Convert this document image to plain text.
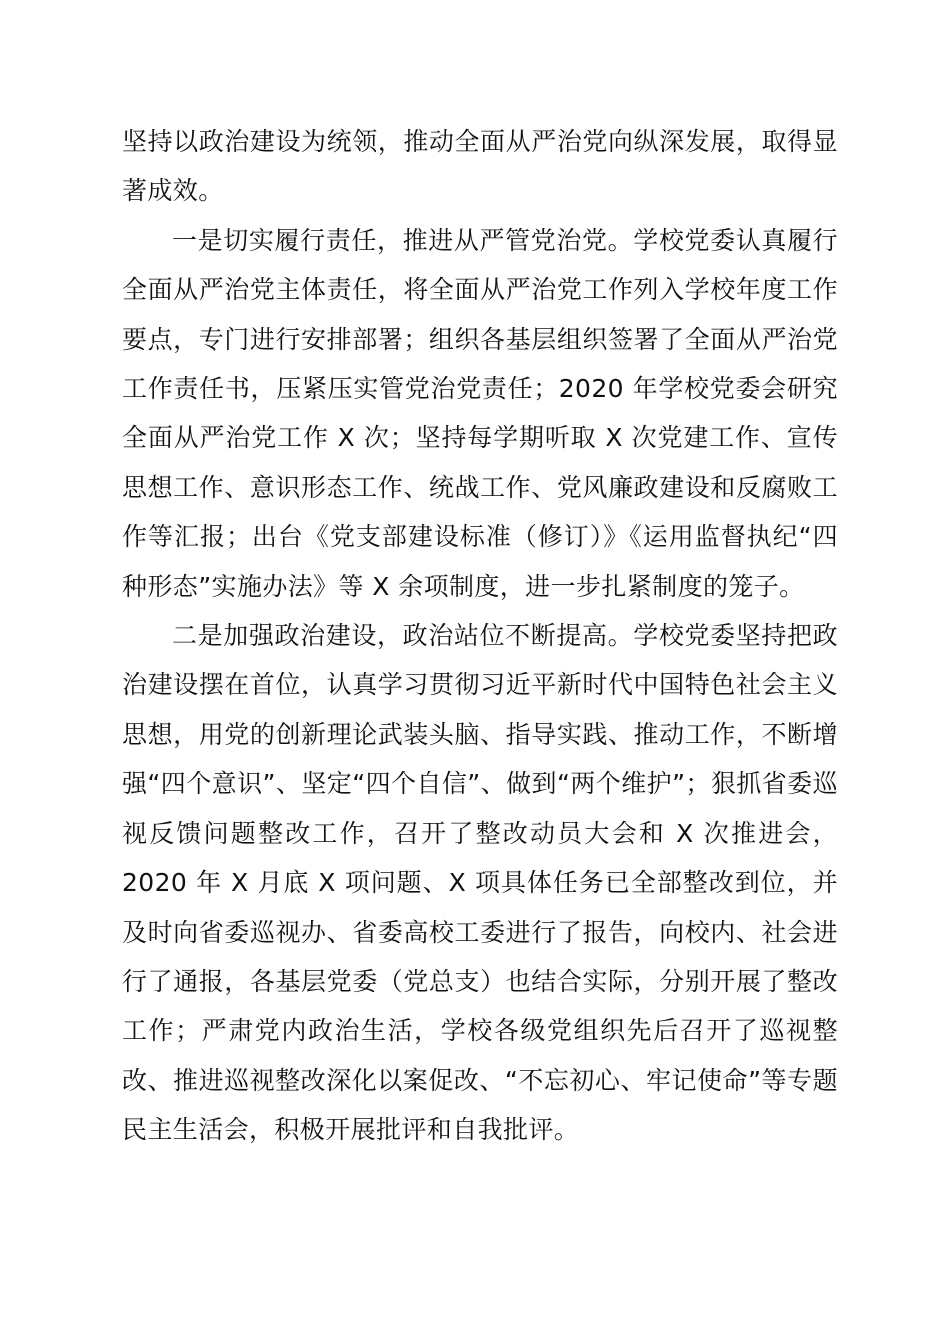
坚持以政治建设为统领，推动全面从严治党向纵深发展，取得显著成效。

一是切实履行责任，推进从严管党治党。学校党委认真履行全面从严治党主体责任，将全面从严治党工作列入学校年度工作要点，专门进行安排部署；组织各基层组织签署了全面从严治党工作责任书，压紧压实管党治党责任；2020 年学校党委会研究全面从严治党工作 X 次；坚持每学期听取 X 次党建工作、宣传思想工作、意识形态工作、统战工作、党风廉政建设和反腐败工作等汇报；出台《党支部建设标准（修订）》《运用监督执纪“四种形态”实施办法》等 X 余项制度，进一步扎紧制度的笼子。

二是加强政治建设，政治站位不断提高。学校党委坚持把政治建设摆在首位，认真学习贯彻习近平新时代中国特色社会主义思想，用党的创新理论武装头脑、指导实践、推动工作，不断增强“四个意识”、坚定“四个自信”、做到“两个维护”；狠抓省委巡视反馈问题整改工作，召开了整改动员大会和 X 次推进会，2020 年 X 月底 X 项问题、X 项具体任务已全部整改到位，并及时向省委巡视办、省委高校工委进行了报告，向校内、社会进行了通报，各基层党委（党总支）也结合实际，分别开展了整改工作；严肃党内政治生活，学校各级党组织先后召开了巡视整改、推进巡视整改深化以案促改、“不忘初心、牢记使命”等专题民主生活会，积极开展批评和自我批评。
